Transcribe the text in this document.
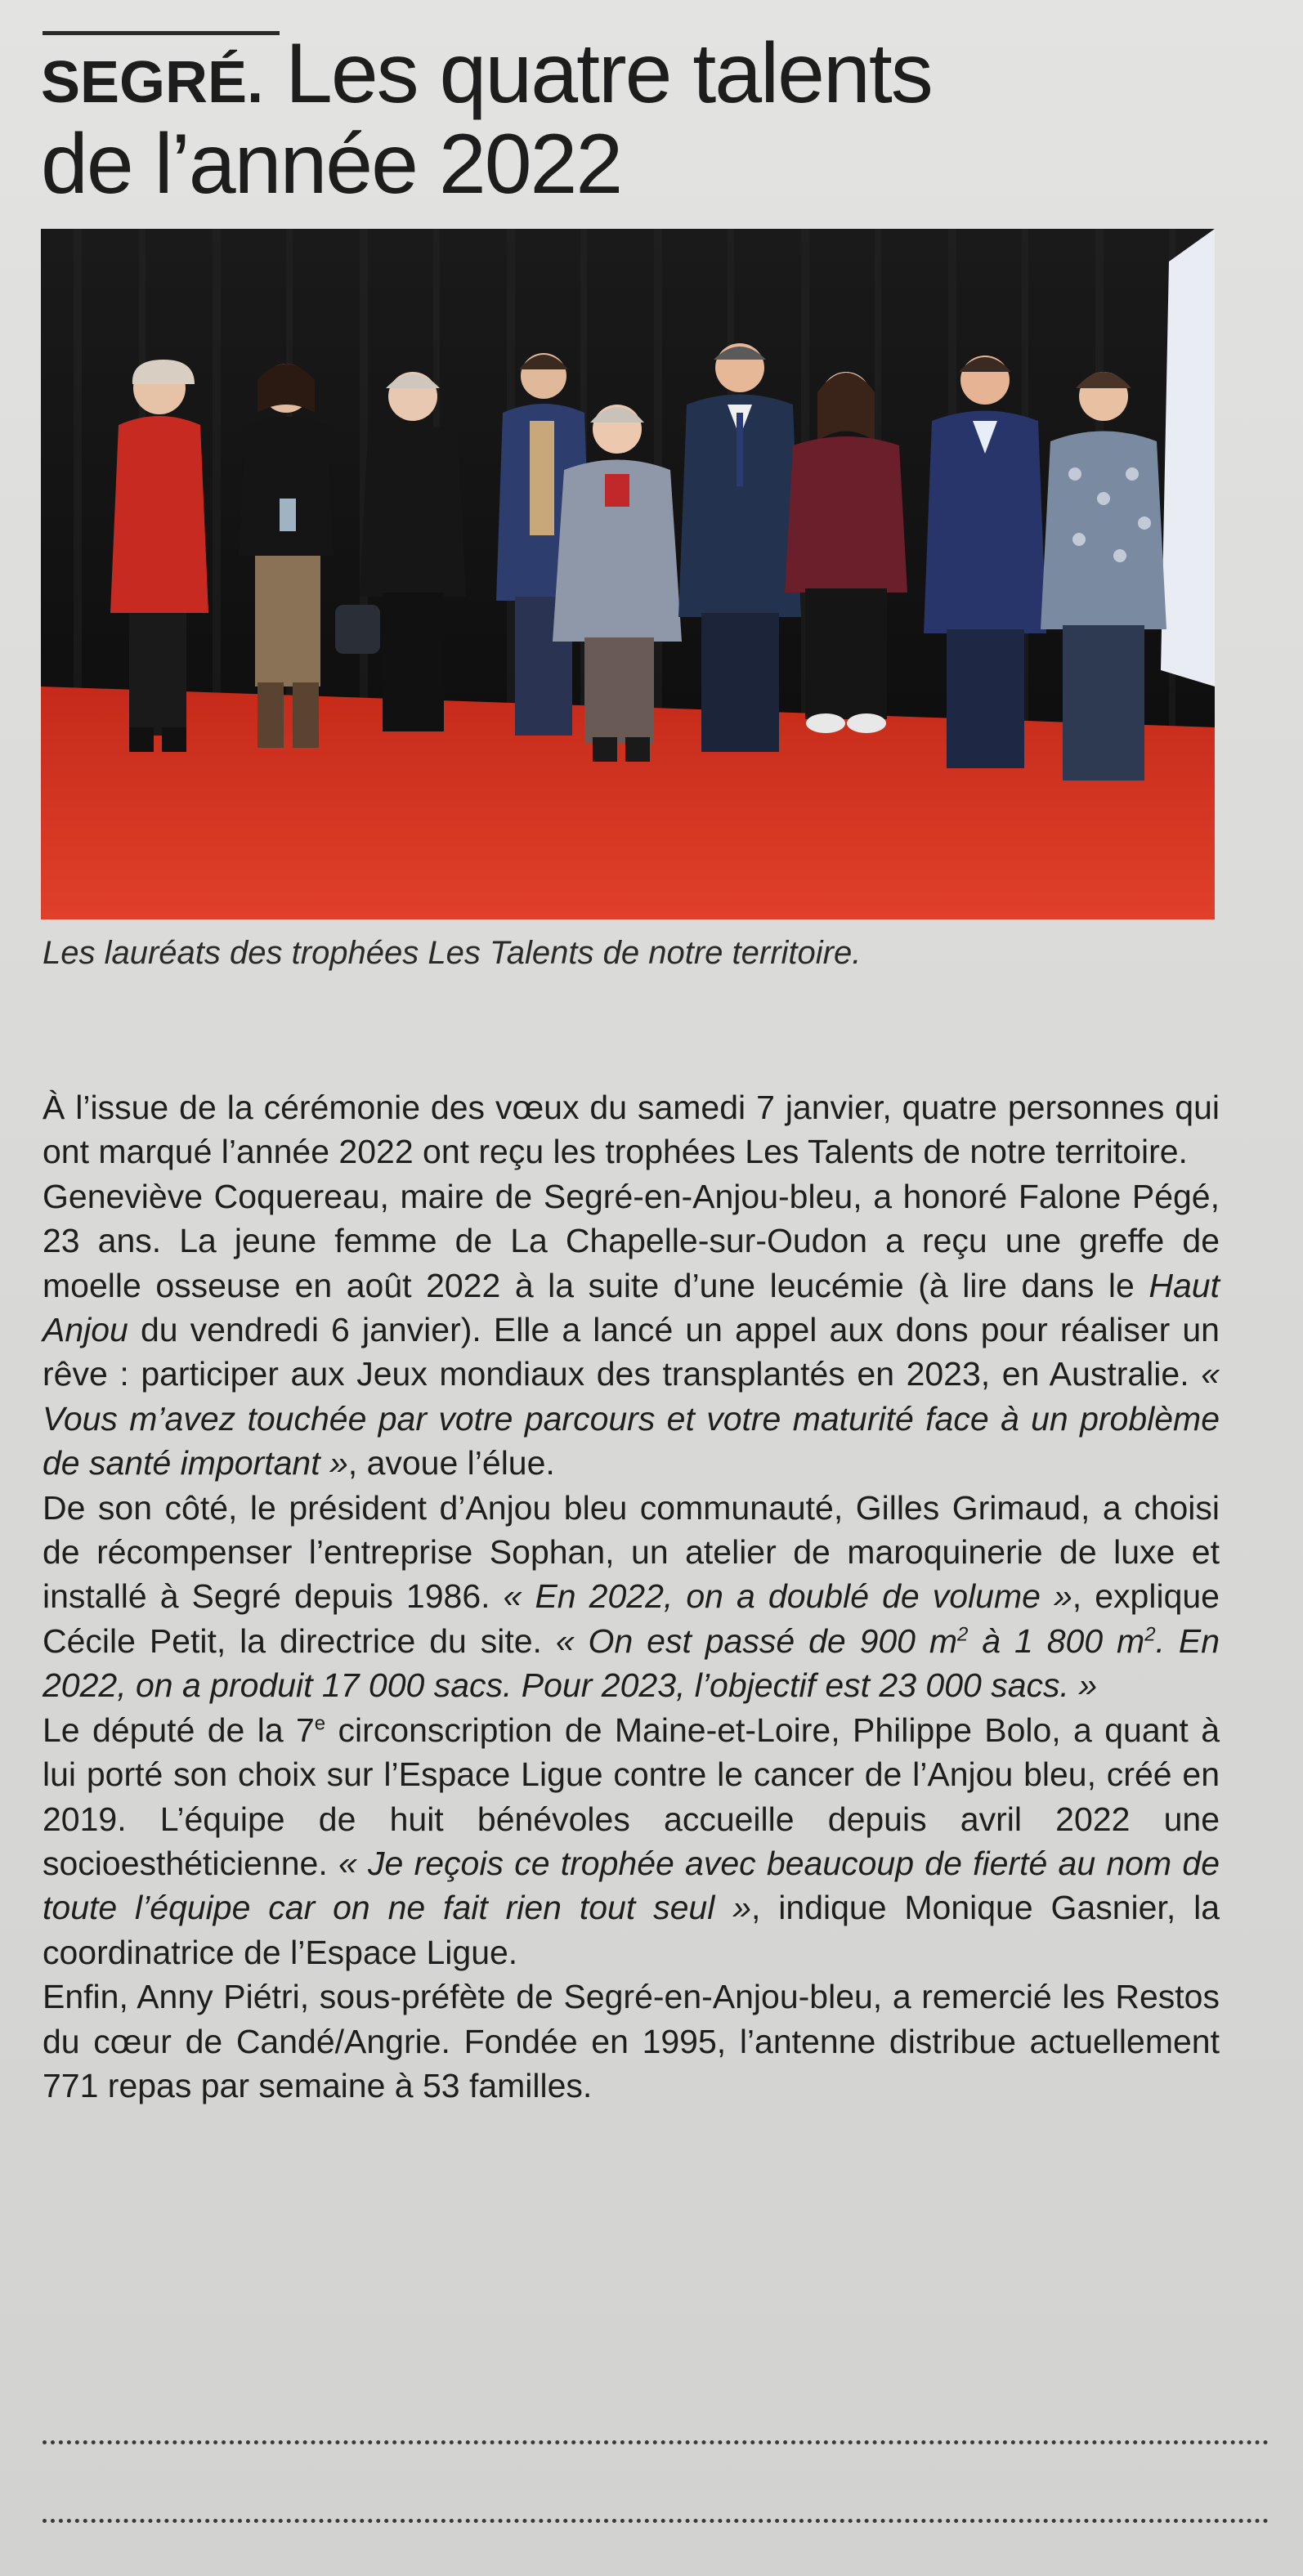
SEGRÉ. Les quatre talents
de l’année 2022
Les lauréats des trophées Les Talents de notre territoire.

À l’issue de la cérémonie des vœux du samedi 7 janvier, quatre personnes qui ont marqué l’année 2022 ont reçu les trophées Les Talents de notre territoire.

Geneviève Coquereau, maire de Segré-en-Anjou-bleu, a honoré Falone Pégé, 23 ans. La jeune femme de La Chapelle-sur-Oudon a reçu une greffe de moelle osseuse en août 2022 à la suite d’une leucémie (à lire dans le Haut Anjou du vendredi 6 janvier). Elle a lancé un appel aux dons pour réaliser un rêve : participer aux Jeux mondiaux des transplantés en 2023, en Australie. « Vous m’avez touchée par votre parcours et votre maturité face à un problème de santé important », avoue l’élue.

De son côté, le président d’Anjou bleu communauté, Gilles Grimaud, a choisi de récompenser l’entreprise Sophan, un atelier de maroquinerie de luxe et installé à Segré depuis 1986. « En 2022, on a doublé de volume », explique Cécile Petit, la directrice du site. « On est passé de 900 $m^2$ à 1 800 $m^2$. En 2022, on a produit 17 000 sacs. Pour 2023, l’objectif est 23 000 sacs. »

Le député de la 7e circonscription de Maine-et-Loire, Philippe Bolo, a quant à lui porté son choix sur l’Espace Ligue contre le cancer de l’Anjou bleu, créé en 2019. L’équipe de huit bénévoles accueille depuis avril 2022 une socioesthéticienne. « Je reçois ce trophée avec beaucoup de fierté au nom de toute l’équipe car on ne fait rien tout seul », indique Monique Gasnier, la coordinatrice de l’Espace Ligue.

Enfin, Anny Piétri, sous-préfète de Segré-en-Anjou-bleu, a remercié les Restos du cœur de Candé/Angrie. Fondée en 1995, l’antenne distribue actuellement 771 repas par semaine à 53 familles.
